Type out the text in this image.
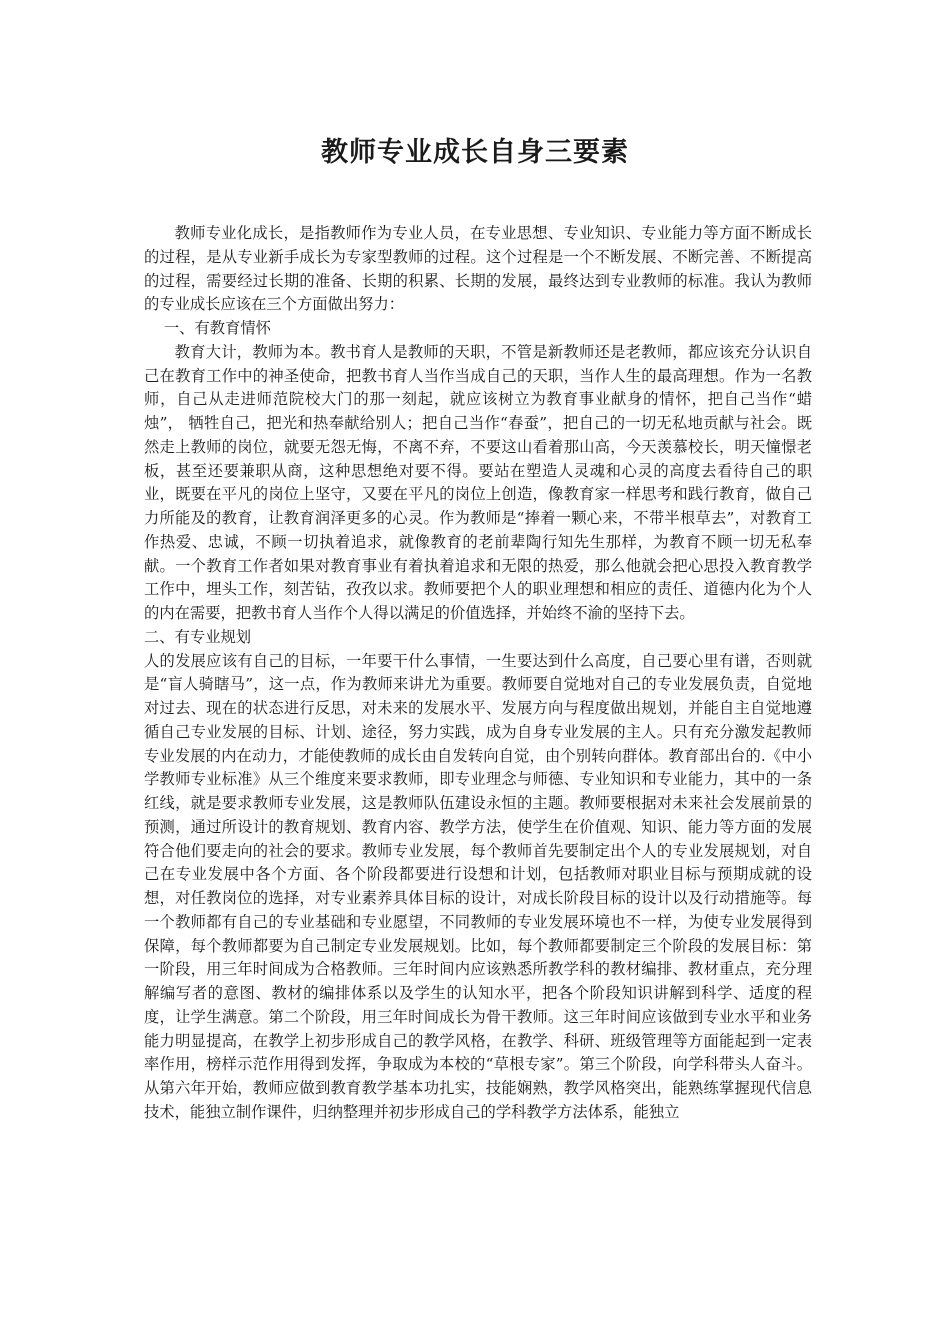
教师专业成长自身三要素

教师专业化成长，是指教师作为专业人员，在专业思想、专业知识、专业能力等方面不断成长的过程，是从专业新手成长为专家型教师的过程。这个过程是一个不断发展、不断完善、不断提高的过程，需要经过长期的准备、长期的积累、长期的发展，最终达到专业教师的标准。我认为教师的专业成长应该在三个方面做出努力：

一、有教育情怀

教育大计，教师为本。教书育人是教师的天职，不管是新教师还是老教师，都应该充分认识自己在教育工作中的神圣使命，把教书育人当作当成自己的天职，当作人生的最高理想。作为一名教师，自己从走进师范院校大门的那一刻起，就应该树立为教育事业献身的情怀，把自己当作“蜡烛”， 牺牲自己，把光和热奉献给别人；把自己当作“春蚕”，把自己的一切无私地贡献与社会。既然走上教师的岗位，就要无怨无悔，不离不弃，不要这山看着那山高，今天羡慕校长，明天憧憬老板，甚至还要兼职从商，这种思想绝对要不得。要站在塑造人灵魂和心灵的高度去看待自己的职业，既要在平凡的岗位上坚守，又要在平凡的岗位上创造，像教育家一样思考和践行教育，做自己力所能及的教育，让教育润泽更多的心灵。作为教师是“捧着一颗心来，不带半根草去”，对教育工作热爱、忠诚，不顾一切执着追求，就像教育的老前辈陶行知先生那样，为教育不顾一切无私奉献。一个教育工作者如果对教育事业有着执着追求和无限的热爱，那么他就会把心思投入教育教学工作中，埋头工作，刻苦钻，孜孜以求。教师要把个人的职业理想和相应的责任、道德内化为个人的内在需要，把教书育人当作个人得以满足的价值选择，并始终不渝的坚持下去。

二、有专业规划

人的发展应该有自己的目标，一年要干什么事情，一生要达到什么高度，自己要心里有谱，否则就是“盲人骑瞎马”，这一点，作为教师来讲尤为重要。教师要自觉地对自己的专业发展负责，自觉地对过去、现在的状态进行反思，对未来的发展水平、发展方向与程度做出规划，并能自主自觉地遵循自己专业发展的目标、计划、途径，努力实践，成为自身专业发展的主人。只有充分激发起教师专业发展的内在动力，才能使教师的成长由自发转向自觉，由个别转向群体。教育部出台的.《中小学教师专业标准》从三个维度来要求教师，即专业理念与师德、专业知识和专业能力，其中的一条红线，就是要求教师专业发展，这是教师队伍建设永恒的主题。教师要根据对未来社会发展前景的预测，通过所设计的教育规划、教育内容、教学方法，使学生在价值观、知识、能力等方面的发展符合他们要走向的社会的要求。教师专业发展，每个教师首先要制定出个人的专业发展规划，对自己在专业发展中各个方面、各个阶段都要进行设想和计划，包括教师对职业目标与预期成就的设想，对任教岗位的选择，对专业素养具体目标的设计，对成长阶段目标的设计以及行动措施等。每一个教师都有自己的专业基础和专业愿望，不同教师的专业发展环境也不一样，为使专业发展得到保障，每个教师都要为自己制定专业发展规划。比如，每个教师都要制定三个阶段的发展目标：第一阶段，用三年时间成为合格教师。三年时间内应该熟悉所教学科的教材编排、教材重点，充分理解编写者的意图、教材的编排体系以及学生的认知水平，把各个阶段知识讲解到科学、适度的程度，让学生满意。第二个阶段，用三年时间成长为骨干教师。这三年时间应该做到专业水平和业务能力明显提高，在教学上初步形成自己的教学风格，在教学、科研、班级管理等方面能起到一定表率作用，榜样示范作用得到发挥，争取成为本校的“草根专家”。第三个阶段，向学科带头人奋斗。从第六年开始，教师应做到教育教学基本功扎实，技能娴熟，教学风格突出，能熟练掌握现代信息技术，能独立制作课件，归纳整理并初步形成自己的学科教学方法体系，能独立
